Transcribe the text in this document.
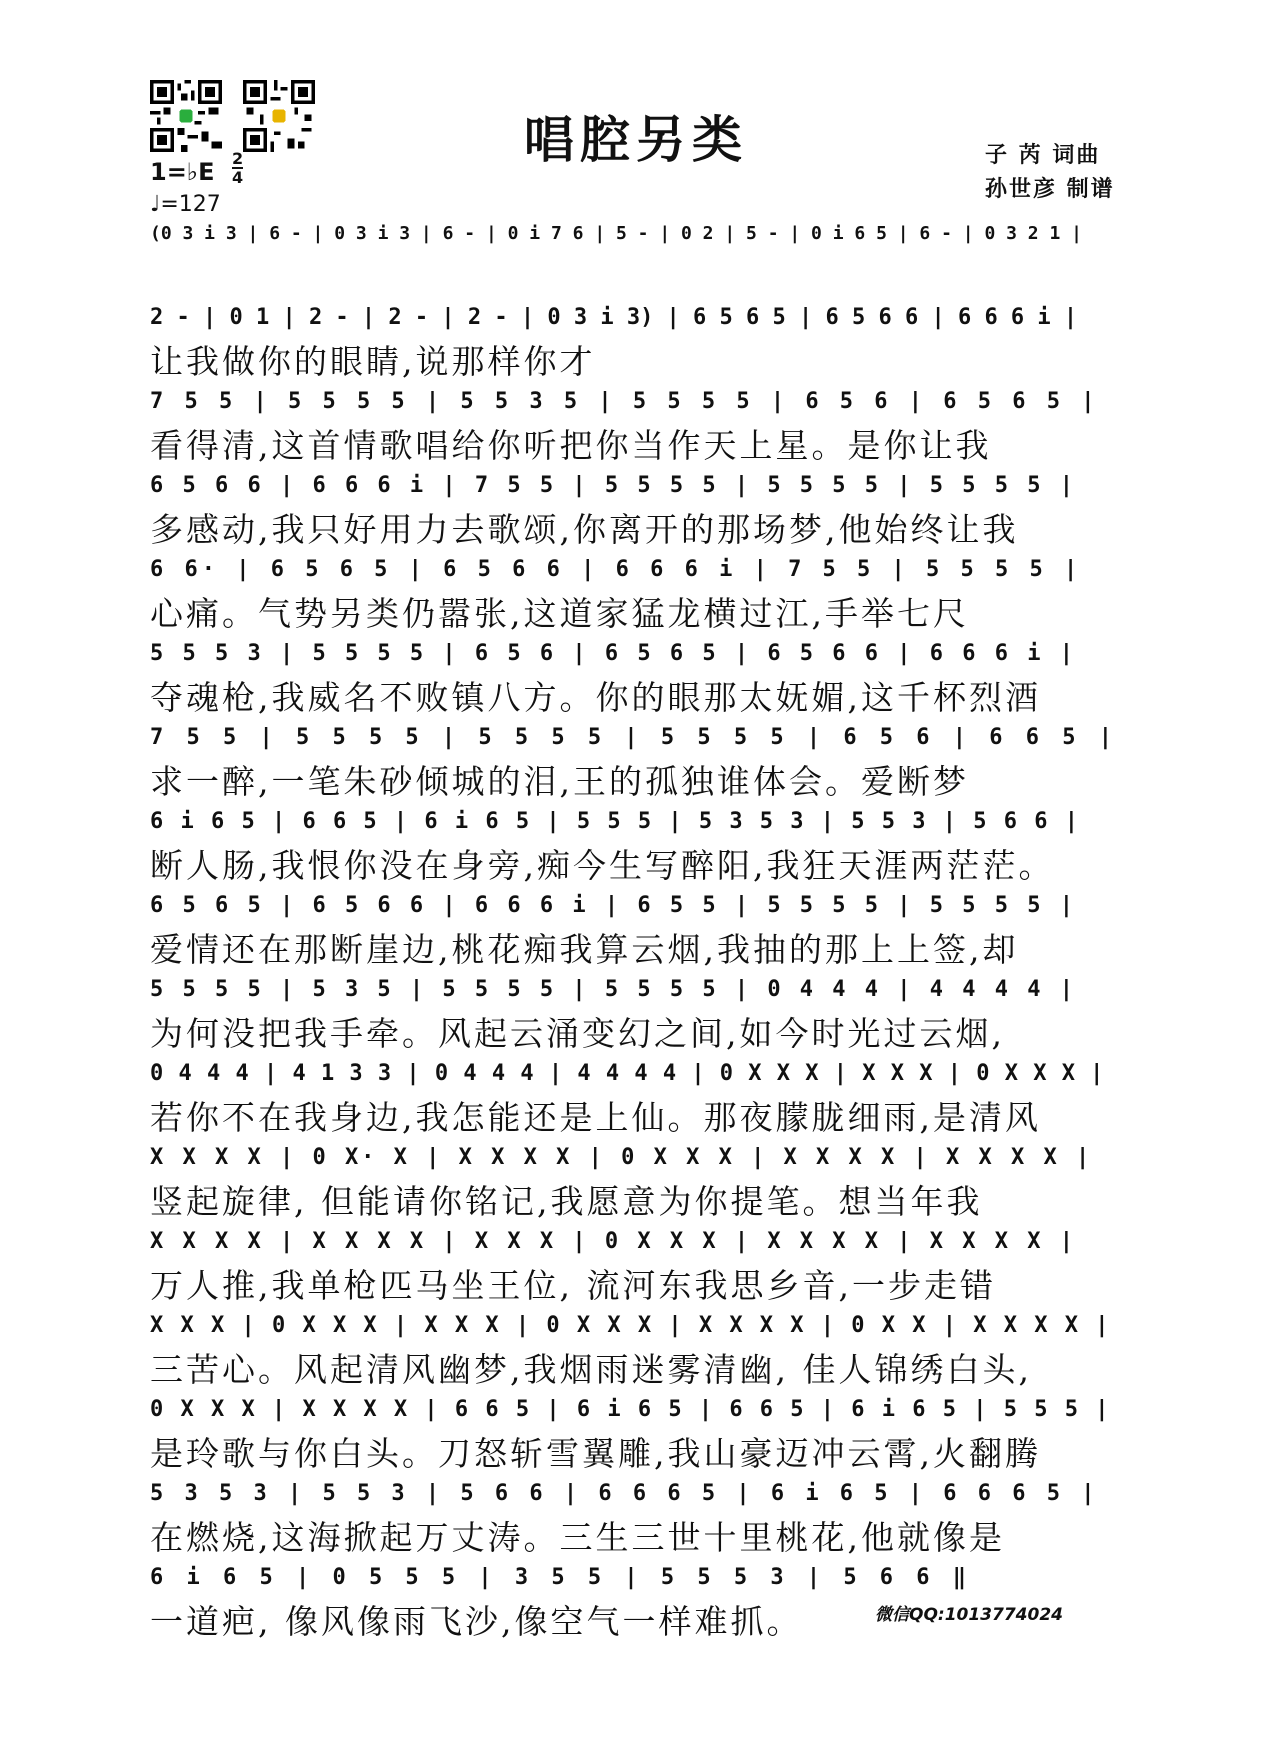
唱腔另类	子 芮 词曲
孙世彦 制谱
1=♭E 2
4
♩=127
(0 3 i 3 | 6 - | 0 3 i 3 | 6 - | 0 i 7 6 | 5 - | 0 2 | 5 - | 0 i 6 5 | 6 - | 0 3 2 1 |
2 - | 0 1 | 2 - | 2 - | 2 - | 0 3 i 3) | 6 5 6 5 | 6 5 6 6 | 6 6 6 i |
让我做你的眼睛,说那样你才
7 5 5 | 5 5 5 5 | 5 5 3 5 | 5 5 5 5 | 6 5 6 | 6 5 6 5 |
看得清,这首情歌唱给你听把你当作天上星。是你让我
6 5 6 6 | 6 6 6 i | 7 5 5 | 5 5 5 5 | 5 5 5 5 | 5 5 5 5 |
多感动,我只好用力去歌颂,你离开的那场梦,他始终让我
6 6· | 6 5 6 5 | 6 5 6 6 | 6 6 6 i | 7 5 5 | 5 5 5 5 |
心痛。气势另类仍嚣张,这道家猛龙横过江,手举七尺
5 5 5 3 | 5 5 5 5 | 6 5 6 | 6 5 6 5 | 6 5 6 6 | 6 6 6 i |
夺魂枪,我威名不败镇八方。你的眼那太妩媚,这千杯烈酒
7 5 5 | 5 5 5 5 | 5 5 5 5 | 5 5 5 5 | 6 5 6 | 6 6 5 |
求一醉,一笔朱砂倾城的泪,王的孤独谁体会。爱断梦
6 i 6 5 | 6 6 5 | 6 i 6 5 | 5 5 5 | 5 3 5 3 | 5 5 3 | 5 6 6 |
断人肠,我恨你没在身旁,痴今生写醉阳,我狂天涯两茫茫。
6 5 6 5 | 6 5 6 6 | 6 6 6 i | 6 5 5 | 5 5 5 5 | 5 5 5 5 |
爱情还在那断崖边,桃花痴我算云烟,我抽的那上上签,却
5 5 5 5 | 5 3 5 | 5 5 5 5 | 5 5 5 5 | 0 4 4 4 | 4 4 4 4 |
为何没把我手牵。风起云涌变幻之间,如今时光过云烟,
0 4 4 4 | 4 1 3 3 | 0 4 4 4 | 4 4 4 4 | 0 X X X | X X X | 0 X X X |
若你不在我身边,我怎能还是上仙。那夜朦胧细雨,是清风
X X X X | 0 X· X | X X X X | 0 X X X | X X X X | X X X X |
竖起旋律, 但能请你铭记,我愿意为你提笔。想当年我
X X X X | X X X X | X X X | 0 X X X | X X X X | X X X X |
万人推,我单枪匹马坐王位, 流河东我思乡音,一步走错
X X X | 0 X X X | X X X | 0 X X X | X X X X | 0 X X | X X X X |
三苦心。风起清风幽梦,我烟雨迷雾清幽, 佳人锦绣白头,
0 X X X | X X X X | 6 6 5 | 6 i 6 5 | 6 6 5 | 6 i 6 5 | 5 5 5 |
是玲歌与你白头。刀怒斩雪翼雕,我山豪迈冲云霄,火翻腾
5 3 5 3 | 5 5 3 | 5 6 6 | 6 6 6 5 | 6 i 6 5 | 6 6 6 5 |
在燃烧,这海掀起万丈涛。三生三世十里桃花,他就像是
6 i 6 5 | 0 5 5 5 | 3 5 5 | 5 5 5 3 | 5 6 6 ‖
一道疤, 像风像雨飞沙,像空气一样难抓。	微信QQ:1013774024
